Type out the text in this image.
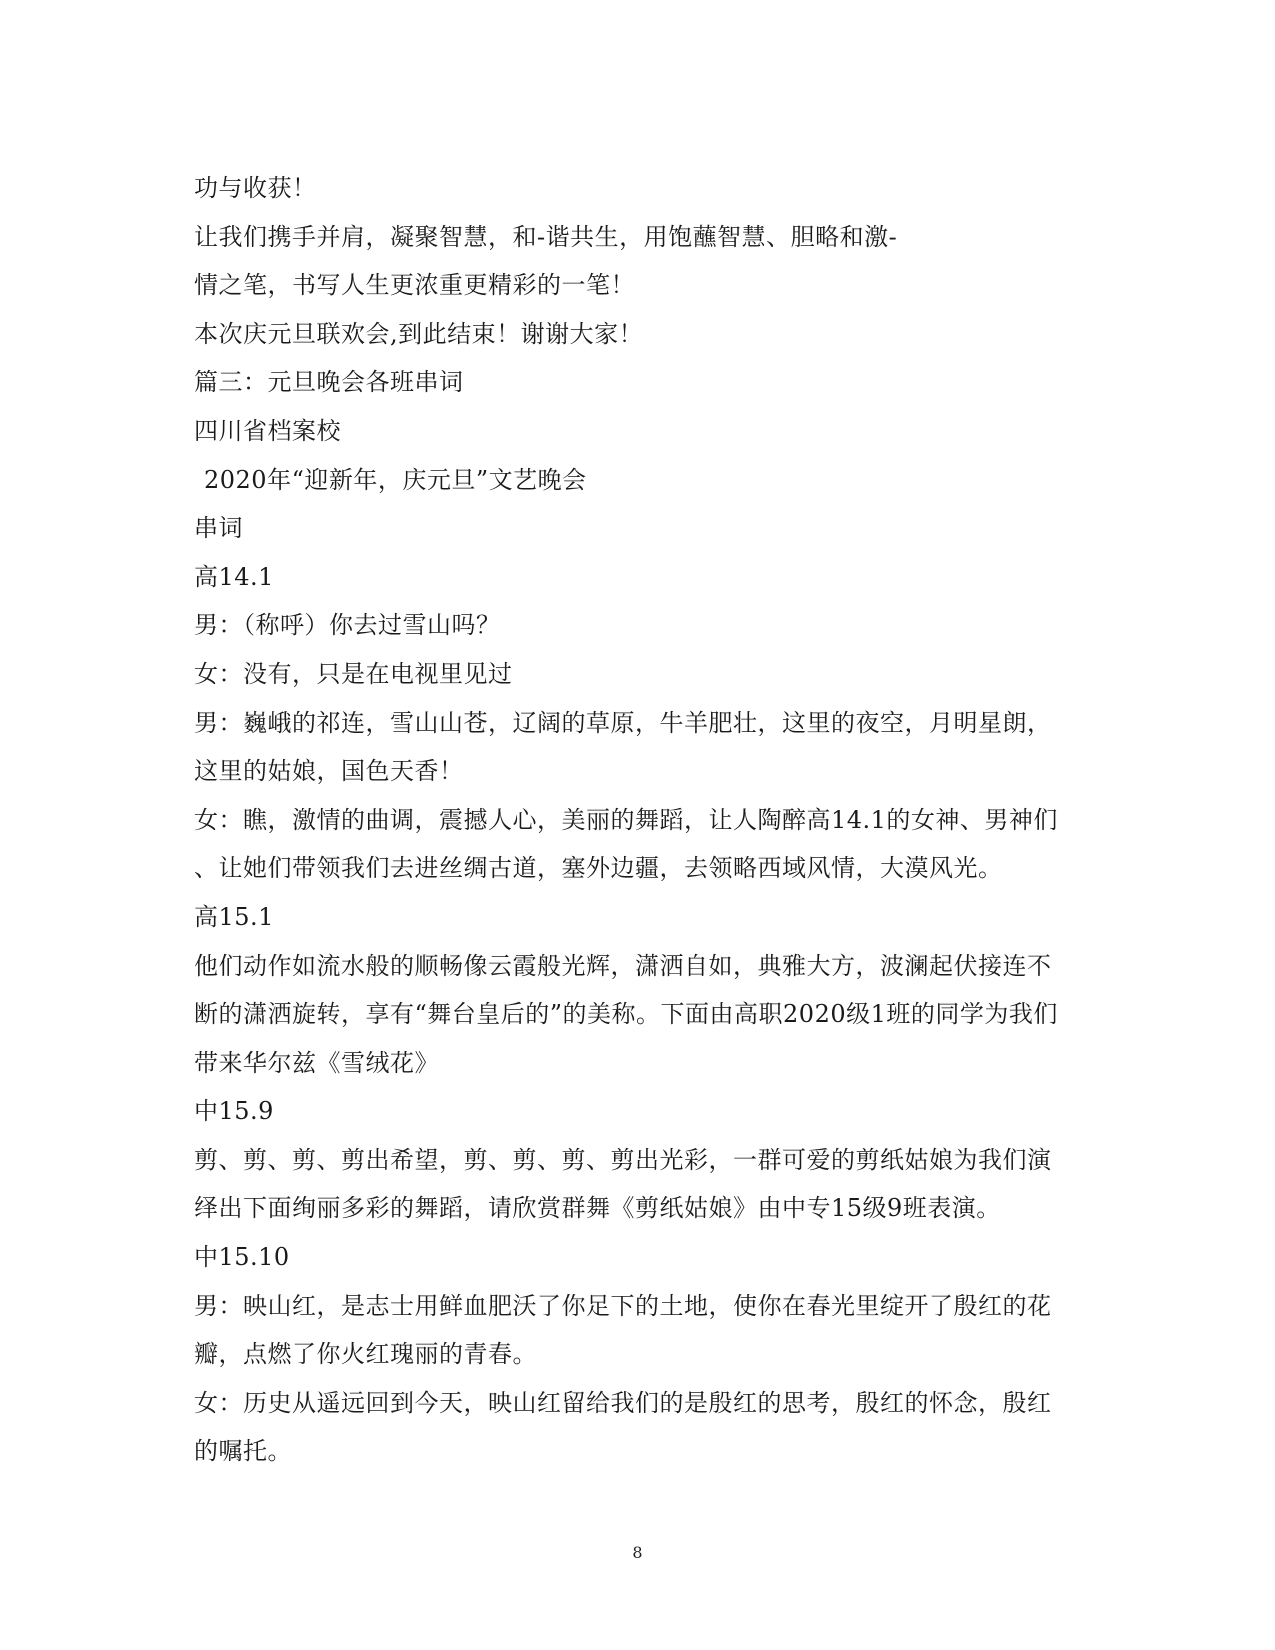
功与收获！
让我们携手并肩，凝聚智慧，和-谐共生，用饱蘸智慧、胆略和激-
情之笔，书写人生更浓重更精彩的一笔！
本次庆元旦联欢会,到此结束！谢谢大家！
篇三：元旦晚会各班串词
四川省档案校
2020年“迎新年，庆元旦”文艺晚会
串词
高14.1
男：（称呼）你去过雪山吗？
女：没有，只是在电视里见过
男：巍峨的祁连，雪山山苍，辽阔的草原，牛羊肥壮，这里的夜空，月明星朗，
这里的姑娘，国色天香！
女：瞧，激情的曲调，震撼人心，美丽的舞蹈，让人陶醉高14.1的女神、男神们
、让她们带领我们去进丝绸古道，塞外边疆，去领略西域风情，大漠风光。
高15.1
他们动作如流水般的顺畅像云霞般光辉，潇洒自如，典雅大方，波澜起伏接连不
断的潇洒旋转，享有“舞台皇后的”的美称。下面由高职2020级1班的同学为我们
带来华尔兹《雪绒花》
中15.9
剪、剪、剪、剪出希望，剪、剪、剪、剪出光彩，一群可爱的剪纸姑娘为我们演
绎出下面绚丽多彩的舞蹈，请欣赏群舞《剪纸姑娘》由中专15级9班表演。
中15.10
男：映山红，是志士用鲜血肥沃了你足下的土地，使你在春光里绽开了殷红的花
瓣，点燃了你火红瑰丽的青春。
女：历史从遥远回到今天，映山红留给我们的是殷红的思考，殷红的怀念，殷红
的嘱托。
8
